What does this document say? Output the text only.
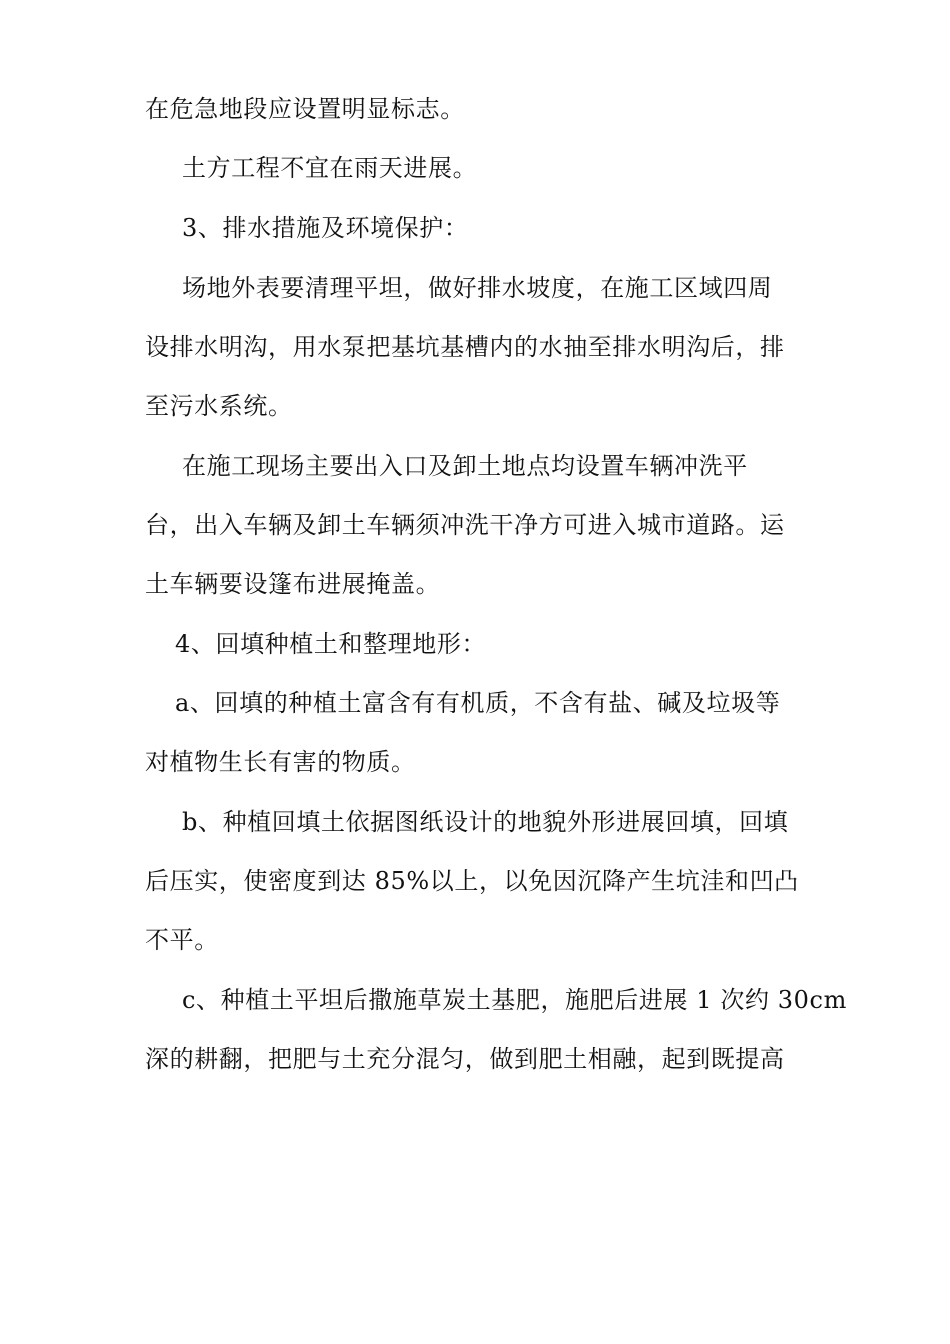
在危急地段应设置明显标志。
土方工程不宜在雨天进展。
3、排水措施及环境保护：
场地外表要清理平坦，做好排水坡度，在施工区域四周
设排水明沟，用水泵把基坑基槽内的水抽至排水明沟后，排
至污水系统。
在施工现场主要出入口及卸土地点均设置车辆冲洗平
台，出入车辆及卸土车辆须冲洗干净方可进入城市道路。运
土车辆要设篷布进展掩盖。
4、回填种植土和整理地形：
a、回填的种植土富含有有机质，不含有盐、碱及垃圾等
对植物生长有害的物质。
b、种植回填土依据图纸设计的地貌外形进展回填，回填
后压实，使密度到达 85%以上，以免因沉降产生坑洼和凹凸
不平。
c、种植土平坦后撒施草炭土基肥，施肥后进展 1 次约 30cm
深的耕翻，把肥与土充分混匀，做到肥土相融，起到既提高
